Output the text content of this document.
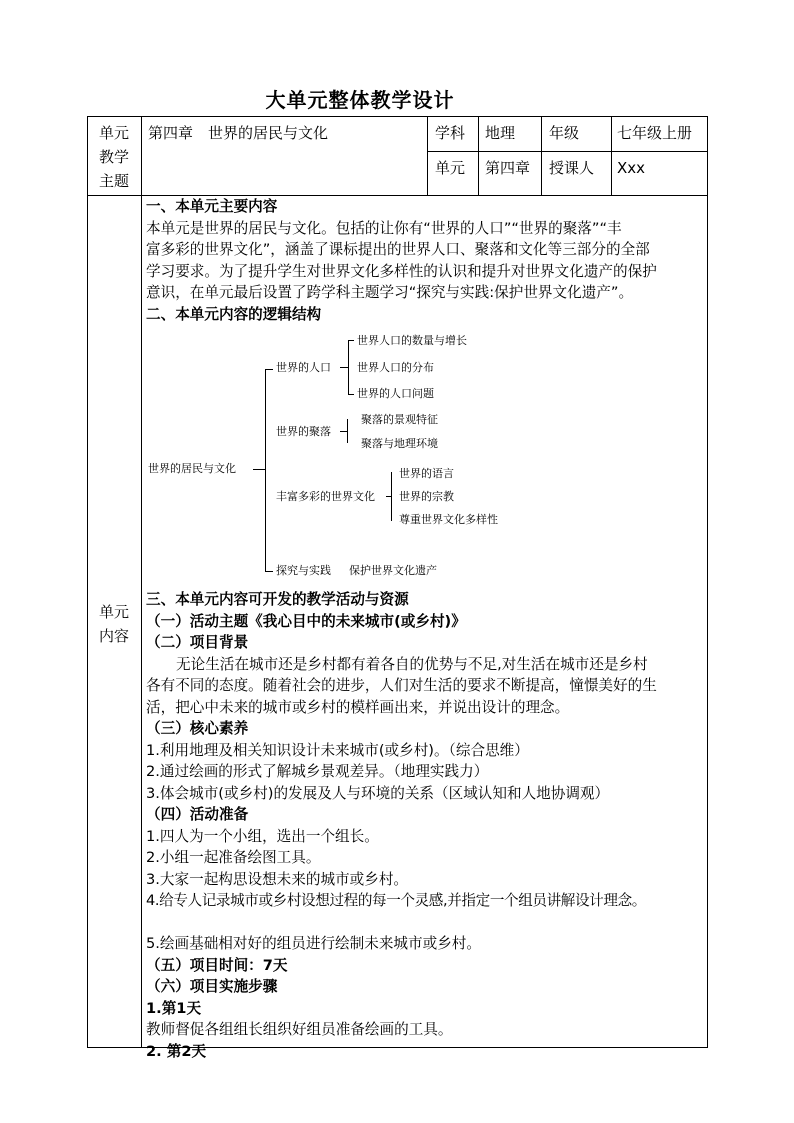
大单元整体教学设计
单元
教学
主题
第四章　世界的居民与文化	学科 地理 年级	七年级上册
单元 第四章 授课人 Xxx
单元
内容

一、本单元主要内容

本单元是世界的居民与文化。包括的让你有“世界的人口”“世界的聚落”“丰

富多彩的世界文化”，涵盖了课标提出的世界人口、聚落和文化等三部分的全部

学习要求。为了提升学生对世界文化多样性的认识和提升对世界文化遗产的保护

意识，在单元最后设置了跨学科主题学习“探究与实践:保护世界文化遗产”。

二、本单元内容的逻辑结构

世界的居民与文化
世界的人口
世界人口的数量与增长
世界人口的分布
世界的人口问题
世界的聚落
聚落的景观特征
聚落与地理环境
丰富多彩的世界文化
世界的语言
世界的宗教
尊重世界文化多样性
探究与实践 保护世界文化遗产

三、本单元内容可开发的教学活动与资源

（一）活动主题《我心目中的未来城市(或乡村)》

（二）项目背景

无论生活在城市还是乡村都有着各自的优势与不足,对生活在城市还是乡村

各有不同的态度。随着社会的进步，人们对生活的要求不断提高，憧憬美好的生

活，把心中未来的城市或乡村的模样画出来，并说出设计的理念。

（三）核心素养

1.利用地理及相关知识设计未来城市(或乡村)。（综合思维）

2.通过绘画的形式了解城乡景观差异。（地理实践力）

3.体会城市(或乡村)的发展及人与环境的关系（区域认知和人地协调观）

（四）活动准备

1.四人为一个小组，选出一个组长。

2.小组一起准备绘图工具。

3.大家一起构思设想未来的城市或乡村。

4.给专人记录城市或乡村设想过程的每一个灵感,并指定一个组员讲解设计理念。

5.绘画基础相对好的组员进行绘制未来城市或乡村。

（五）项目时间：7天

（六）项目实施步骤

1.第1天

教师督促各组组长组织好组员准备绘画的工具。

2. 第2天
